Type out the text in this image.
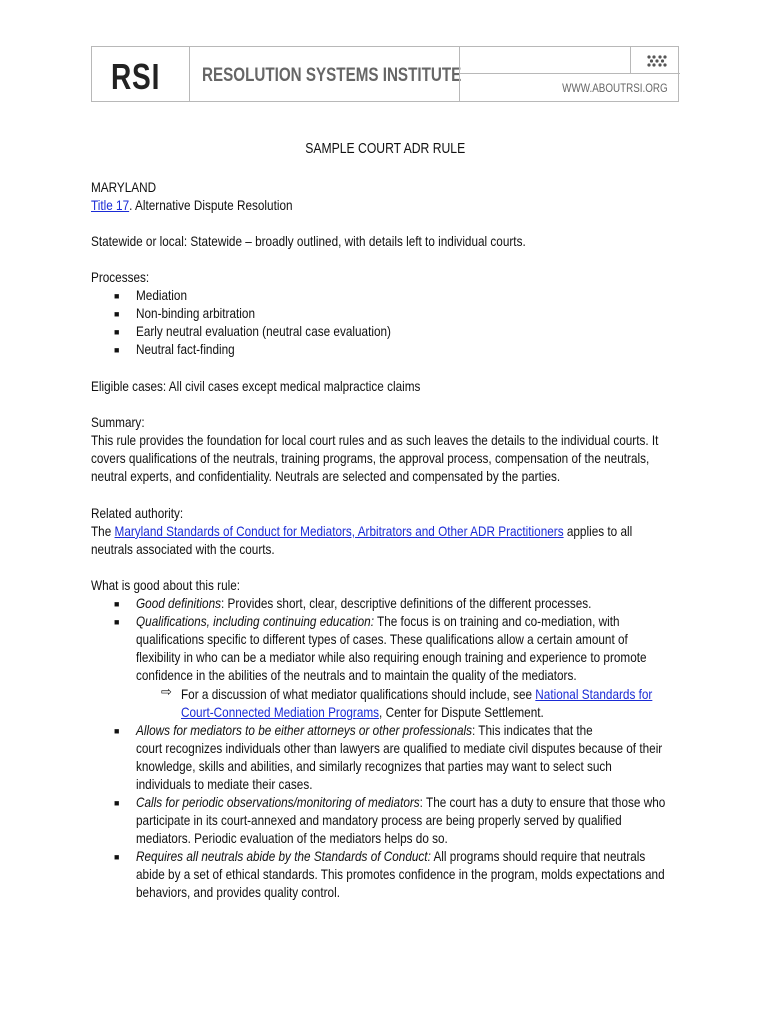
RSI RESOLUTION SYSTEMS INSTITUTE
WWW.ABOUTRSI.ORG
SAMPLE COURT ADR RULE
MARYLAND
Title 17. Alternative Dispute Resolution
Statewide or local: Statewide – broadly outlined, with details left to individual courts.
Processes:
■ Mediation
■ Non-binding arbitration
■ Early neutral evaluation (neutral case evaluation)
■ Neutral fact-finding
Eligible cases: All civil cases except medical malpractice claims
Summary:
This rule provides the foundation for local court rules and as such leaves the details to the individual courts. It
covers qualifications of the neutrals, training programs, the approval process, compensation of the neutrals,
neutral experts, and confidentiality. Neutrals are selected and compensated by the parties.
Related authority:
The Maryland Standards of Conduct for Mediators, Arbitrators and Other ADR Practitioners applies to all
neutrals associated with the courts.
What is good about this rule:
■ Good definitions: Provides short, clear, descriptive definitions of the different processes.
■ Qualifications, including continuing education: The focus is on training and co-mediation, with
qualifications specific to different types of cases. These qualifications allow a certain amount of
flexibility in who can be a mediator while also requiring enough training and experience to promote
confidence in the abilities of the neutrals and to maintain the quality of the mediators.
⇨ For a discussion of what mediator qualifications should include, see National Standards for
Court-Connected Mediation Programs, Center for Dispute Settlement.
■ Allows for mediators to be either attorneys or other professionals: This indicates that the
court recognizes individuals other than lawyers are qualified to mediate civil disputes because of their
knowledge, skills and abilities, and similarly recognizes that parties may want to select such
individuals to mediate their cases.
■ Calls for periodic observations/monitoring of mediators: The court has a duty to ensure that those who
participate in its court-annexed and mandatory process are being properly served by qualified
mediators. Periodic evaluation of the mediators helps do so.
■ Requires all neutrals abide by the Standards of Conduct: All programs should require that neutrals
abide by a set of ethical standards. This promotes confidence in the program, molds expectations and
behaviors, and provides quality control.
